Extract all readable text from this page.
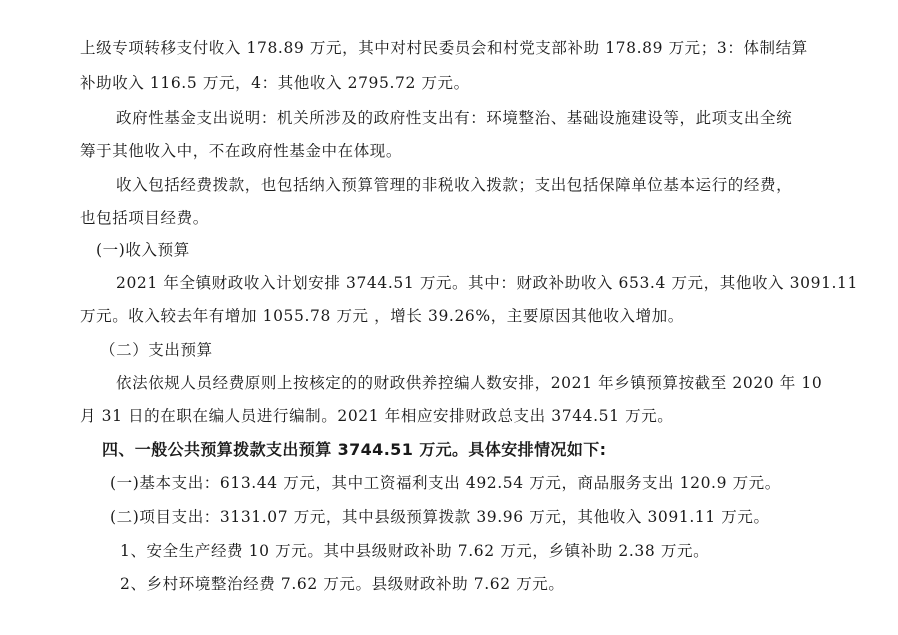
上级专项转移支付收入 178.89 万元，其中对村民委员会和村党支部补助 178.89 万元；3：体制结算

补助收入 116.5 万元，4：其他收入 2795.72 万元。

政府性基金支出说明：机关所涉及的政府性支出有：环境整治、基础设施建设等，此项支出全统

筹于其他收入中，不在政府性基金中在体现。

收入包括经费拨款，也包括纳入预算管理的非税收入拨款；支出包括保障单位基本运行的经费，

也包括项目经费。

(一)收入预算

2021 年全镇财政收入计划安排 3744.51 万元。其中：财政补助收入 653.4 万元，其他收入 3091.11

万元。收入较去年有增加 1055.78 万元 ，增长 39.26%，主要原因其他收入增加。

（二）支出预算

依法依规人员经费原则上按核定的的财政供养控编人数安排，2021 年乡镇预算按截至 2020 年 10

月 31 日的在职在编人员进行编制。2021 年相应安排财政总支出 3744.51 万元。

四、一般公共预算拨款支出预算 3744.51 万元。具体安排情况如下:

(一)基本支出：613.44 万元，其中工资福利支出 492.54 万元，商品服务支出 120.9 万元。

(二)项目支出：3131.07 万元，其中县级预算拨款 39.96 万元，其他收入 3091.11 万元。

1、安全生产经费 10 万元。其中县级财政补助 7.62 万元，乡镇补助 2.38 万元。

2、乡村环境整治经费 7.62 万元。县级财政补助 7.62 万元。
